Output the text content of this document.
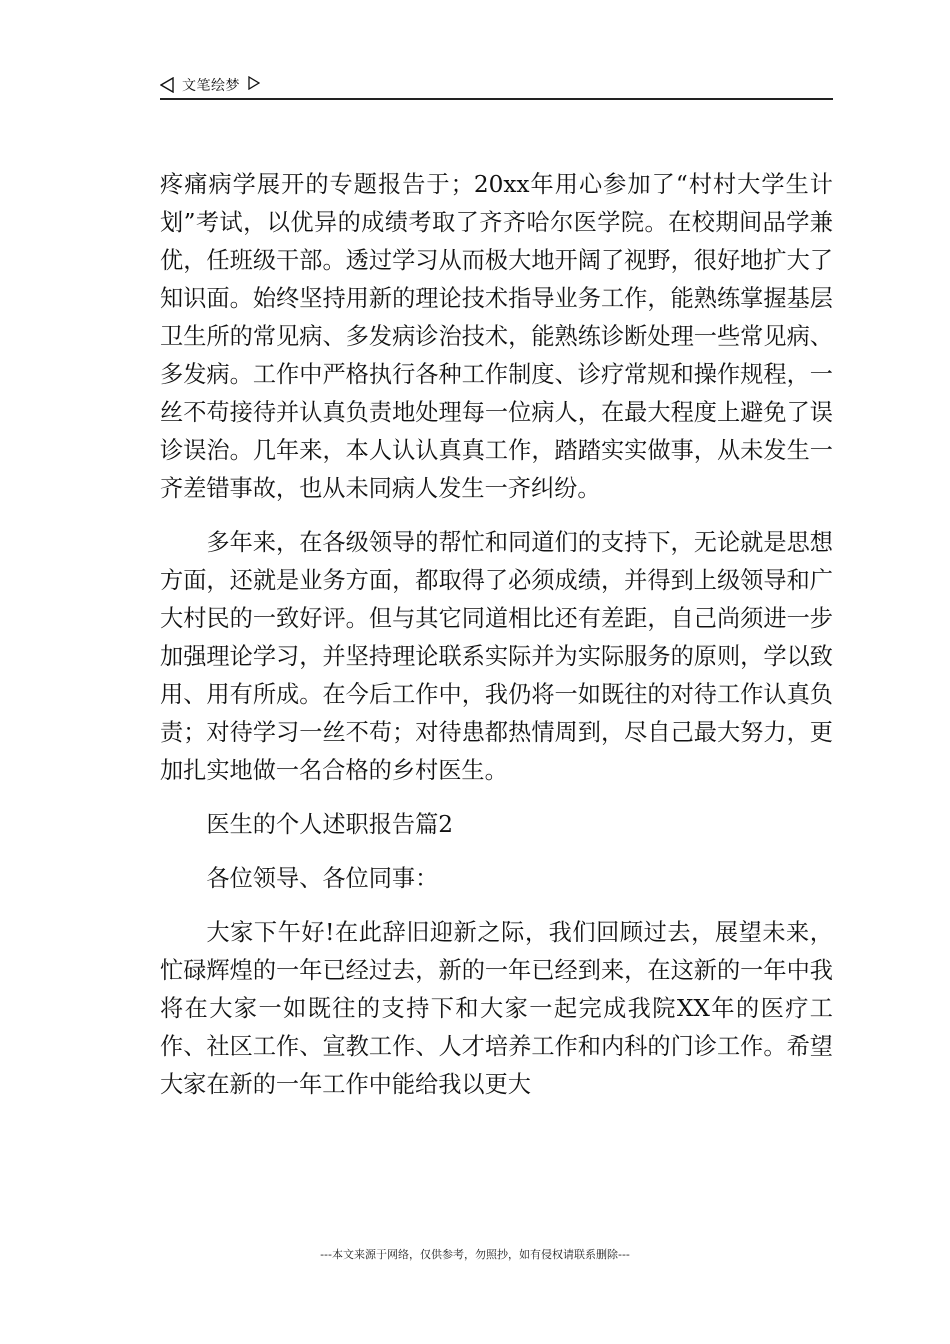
文笔绘梦

疼痛病学展开的专题报告于；20xx年用心参加了“村村大学生计划”考试，以优异的成绩考取了齐齐哈尔医学院。在校期间品学兼优，任班级干部。透过学习从而极大地开阔了视野，很好地扩大了知识面。始终坚持用新的理论技术指导业务工作，能熟练掌握基层卫生所的常见病、多发病诊治技术，能熟练诊断处理一些常见病、多发病。工作中严格执行各种工作制度、诊疗常规和操作规程，一丝不苟接待并认真负责地处理每一位病人，在最大程度上避免了误诊误治。几年来，本人认认真真工作，踏踏实实做事，从未发生一齐差错事故，也从未同病人发生一齐纠纷。

多年来，在各级领导的帮忙和同道们的支持下，无论就是思想方面，还就是业务方面，都取得了必须成绩，并得到上级领导和广大村民的一致好评。但与其它同道相比还有差距，自己尚须进一步加强理论学习，并坚持理论联系实际并为实际服务的原则，学以致用、用有所成。在今后工作中，我仍将一如既往的对待工作认真负责；对待学习一丝不苟；对待患都热情周到，尽自己最大努力，更加扎实地做一名合格的乡村医生。

医生的个人述职报告篇2

各位领导、各位同事：

大家下午好!在此辞旧迎新之际，我们回顾过去，展望未来，忙碌辉煌的一年已经过去，新的一年已经到来，在这新的一年中我将在大家一如既往的支持下和大家一起完成我院XX年的医疗工作、社区工作、宣教工作、人才培养工作和内科的门诊工作。希望大家在新的一年工作中能给我以更大

---本文来源于网络，仅供参考，勿照抄，如有侵权请联系删除---
